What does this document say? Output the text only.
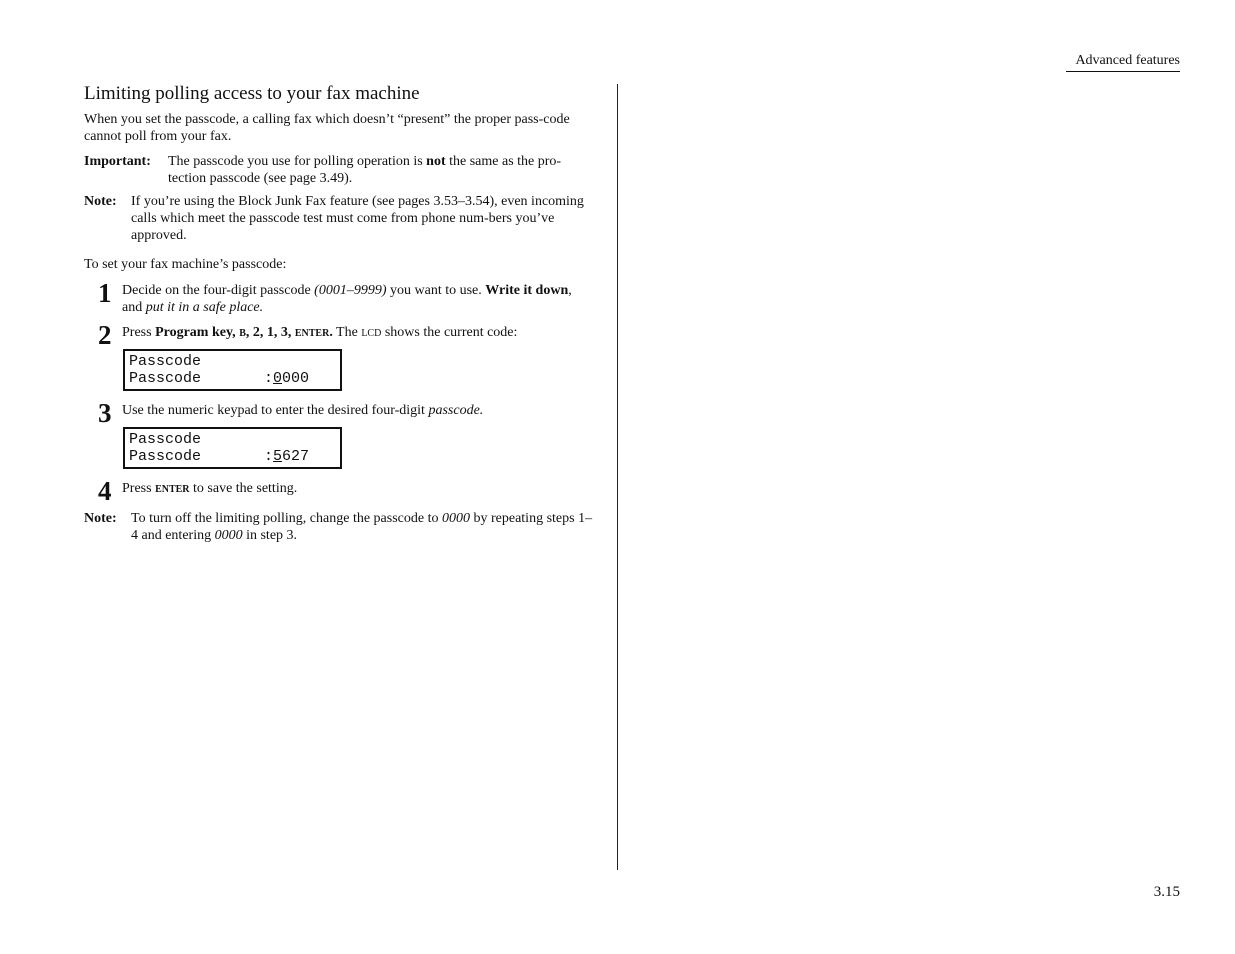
Advanced features
3.15
Limiting polling access to your fax machine

When you set the passcode, a calling fax which doesn’t “present” the proper pass-code cannot poll from your fax.

Important:	The passcode you use for polling operation is not the same as the pro-tection passcode (see page 3.49).
Note:	If you’re using the Block Junk Fax feature (see pages 3.53–3.54), even incoming calls which meet the passcode test must come from phone num-bers you’ve approved.

To set your fax machine’s passcode:

1 Decide on the four-digit passcode (0001–9999) you want to use. Write it down, and put it in a safe place.
2 Press Program key, b, 2, 1, 3, enter. The lcd shows the current code:
Passcode
Passcode       :0000
3 Use the numeric keypad to enter the desired four-digit passcode.
Passcode
Passcode       :5627
4 Press enter to save the setting.
Note:	To turn off the limiting polling, change the passcode to 0000 by repeating steps 1–4 and entering 0000 in step 3.
